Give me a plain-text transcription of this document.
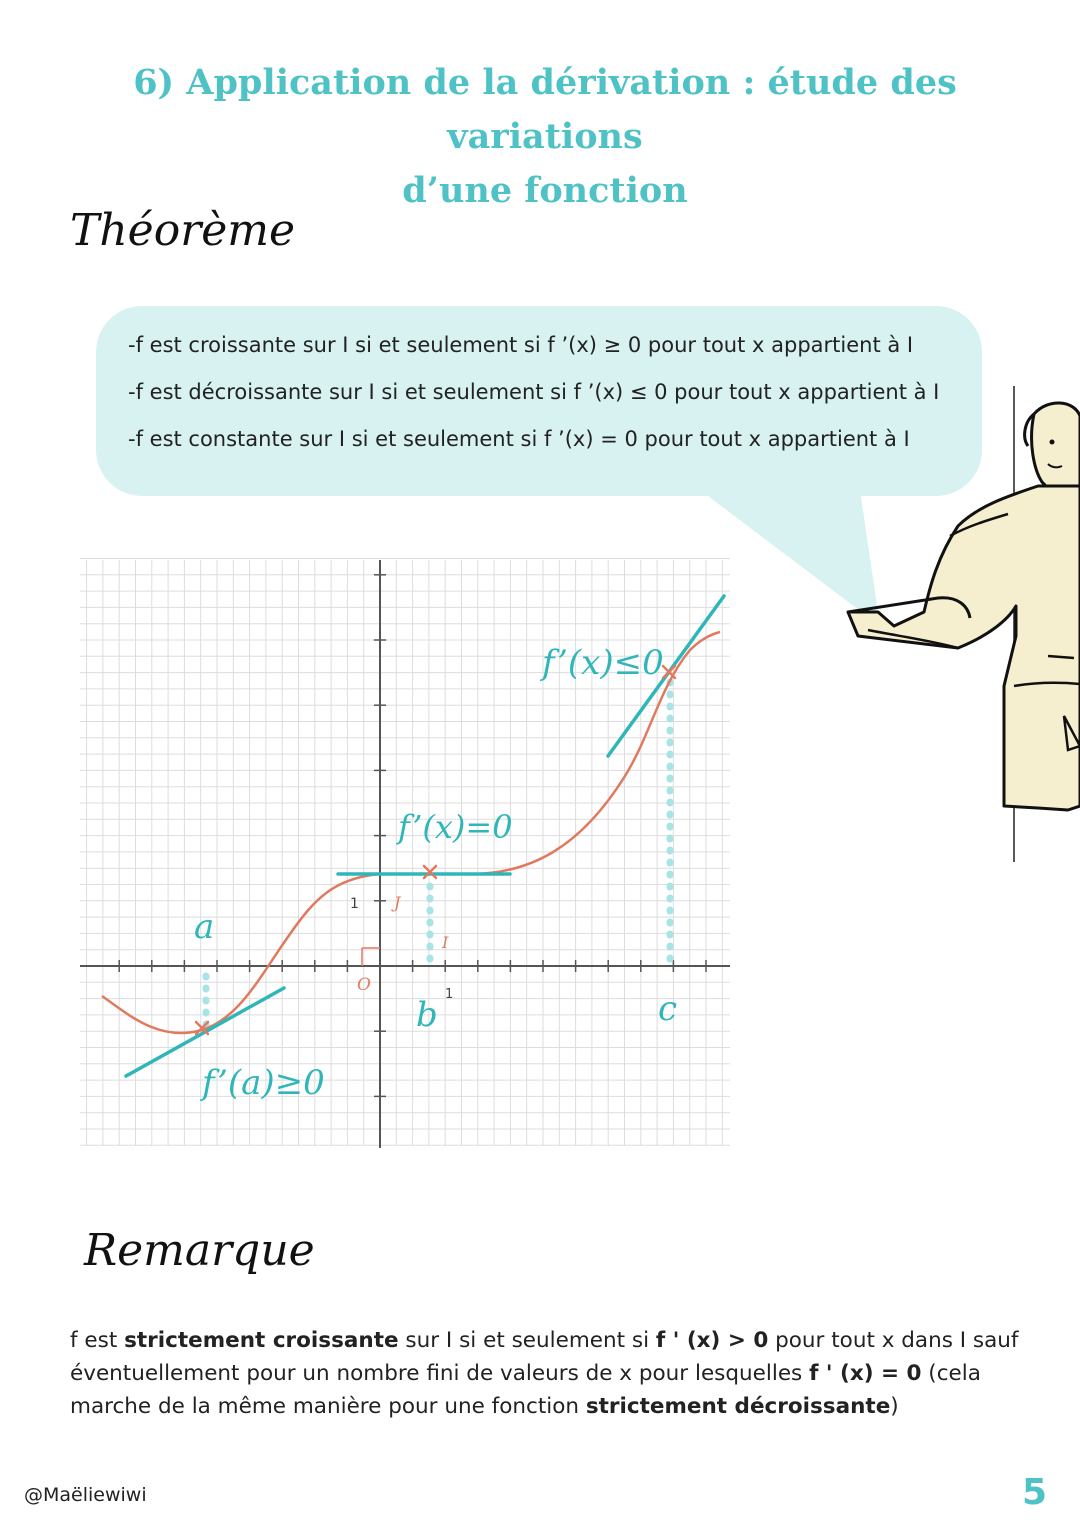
6) Application de la dérivation : étude des variations
d’une fonction
Théorème
-f est croissante sur I si et seulement si f ’(x) ≥ 0 pour tout x appartient à I
-f est décroissante sur I si et seulement si f ’(x) ≤ 0 pour tout x appartient à I
-f est constante sur I si et seulement si f ’(x) = 0 pour tout x appartient à I
1
1
O
I
J
f’(x)≤0
f’(x)=0
f’(a)≥0
a
b	c
Remarque
f est strictement croissante sur I si et seulement si f ' (x) > 0 pour tout x dans I sauf éventuellement pour un nombre fini de valeurs de x pour lesquelles f ' (x) = 0 (cela marche de la même manière pour une fonction strictement décroissante)
@Maëliewiwi	5
